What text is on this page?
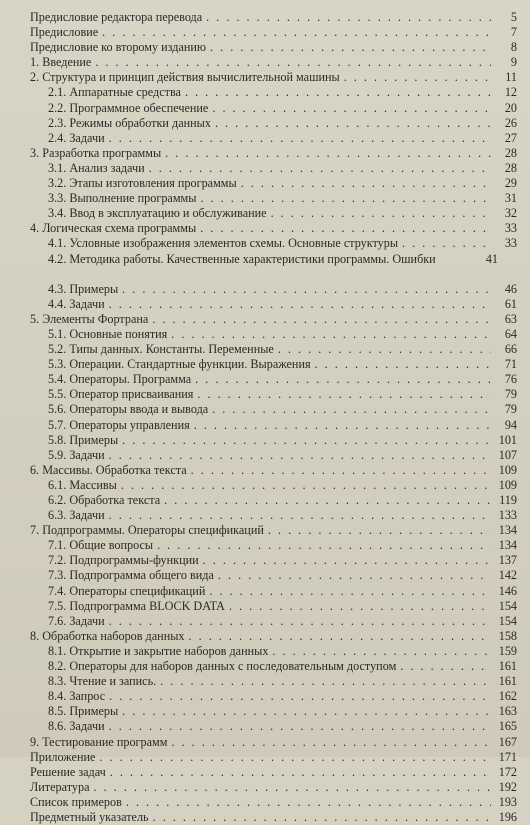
Предисловие редактора перевода . . .	5
Предисловие . . .	7
Предисловие ко второму изданию . . .	8
1. Введение . . .	9
2. Структура и принцип действия вычислительной машины . . .	11
2.1. Аппаратные средства . . .	12
2.2. Программное обеспечение . . .	20
2.3. Режимы обработки данных . . .	26
2.4. Задачи . . .	27
3. Разработка программы . . .	28
3.1. Анализ задачи . . .	28
3.2. Этапы изготовления программы . . .	29
3.3. Выполнение программы . . .	31
3.4. Ввод в эксплуатацию и обслуживание . . .	32
4. Логическая схема программы . . .	33
4.1. Условные изображения элементов схемы. Основные структуры . . .	33
4.2. Методика работы. Качественные характеристики программы. Ошибки	41
4.3. Примеры . . .	46
4.4. Задачи . . .	61
5. Элементы Фортрана . . .	63
5.1. Основные понятия . . .	64
5.2. Типы данных. Константы. Переменные . . .	66
5.3. Операции. Стандартные функции. Выражения . . .	71
5.4. Операторы. Программа . . .	76
5.5. Оператор присваивания . . .	79
5.6. Операторы ввода и вывода . . .	79
5.7. Операторы управления . . .	94
5.8. Примеры . . .	101
5.9. Задачи . . .	107
6. Массивы. Обработка текста . . .	109
6.1. Массивы . . .	109
6.2. Обработка текста . . .	119
6.3. Задачи . . .	133
7. Подпрограммы. Операторы спецификаций . . .	134
7.1. Общие вопросы . . .	134
7.2. Подпрограммы-функции . . .	137
7.3. Подпрограмма общего вида . . .	142
7.4. Операторы спецификаций . . .	146
7.5. Подпрограмма BLOCK DATA . . .	154
7.6. Задачи . . .	154
8. Обработка наборов данных . . .	158
8.1. Открытие и закрытие наборов данных . . .	159
8.2. Операторы для наборов данных с последовательным доступом . . .	161
8.3. Чтение и запись. . . .	161
8.4. Запрос . . .	162
8.5. Примеры . . .	163
8.6. Задачи . . .	165
9. Тестирование программ . . .	167
Приложение . . .	171
Решение задач . . .	172
Литература . . .	192
Список примеров . . .	193
Предметный указатель . . .	196
